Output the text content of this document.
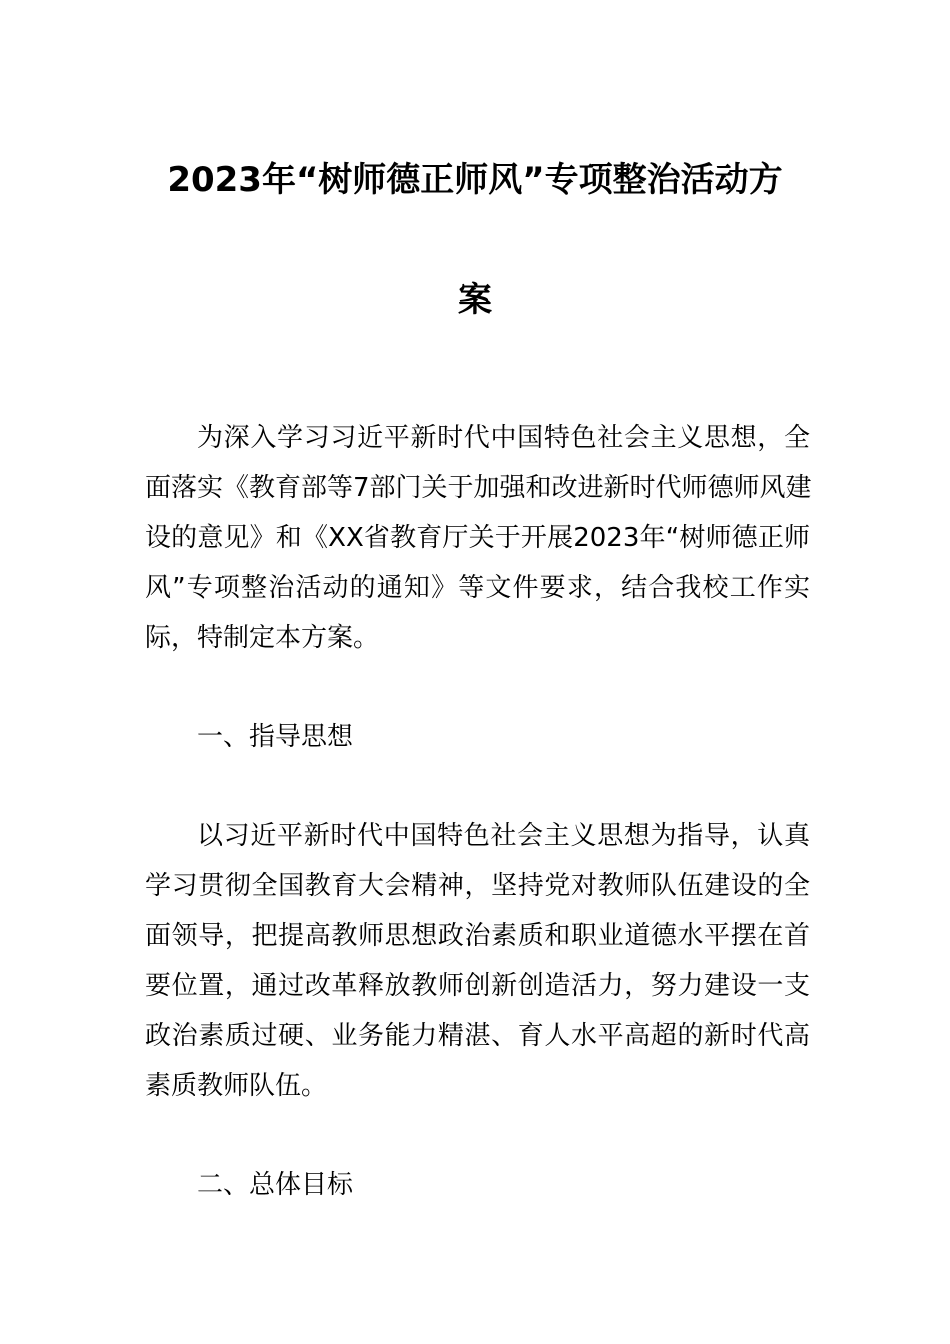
2023年“树师德正师风”专项整治活动方
案
为深入学习习近平新时代中国特色社会主义思想，全
面落实《教育部等7部门关于加强和改进新时代师德师风建
设的意见》和《XX省教育厅关于开展2023年“树师德正师
风”专项整治活动的通知》等文件要求，结合我校工作实
际，特制定本方案。
一、指导思想
以习近平新时代中国特色社会主义思想为指导，认真
学习贯彻全国教育大会精神，坚持党对教师队伍建设的全
面领导，把提高教师思想政治素质和职业道德水平摆在首
要位置，通过改革释放教师创新创造活力，努力建设一支
政治素质过硬、业务能力精湛、育人水平高超的新时代高
素质教师队伍。
二、总体目标
